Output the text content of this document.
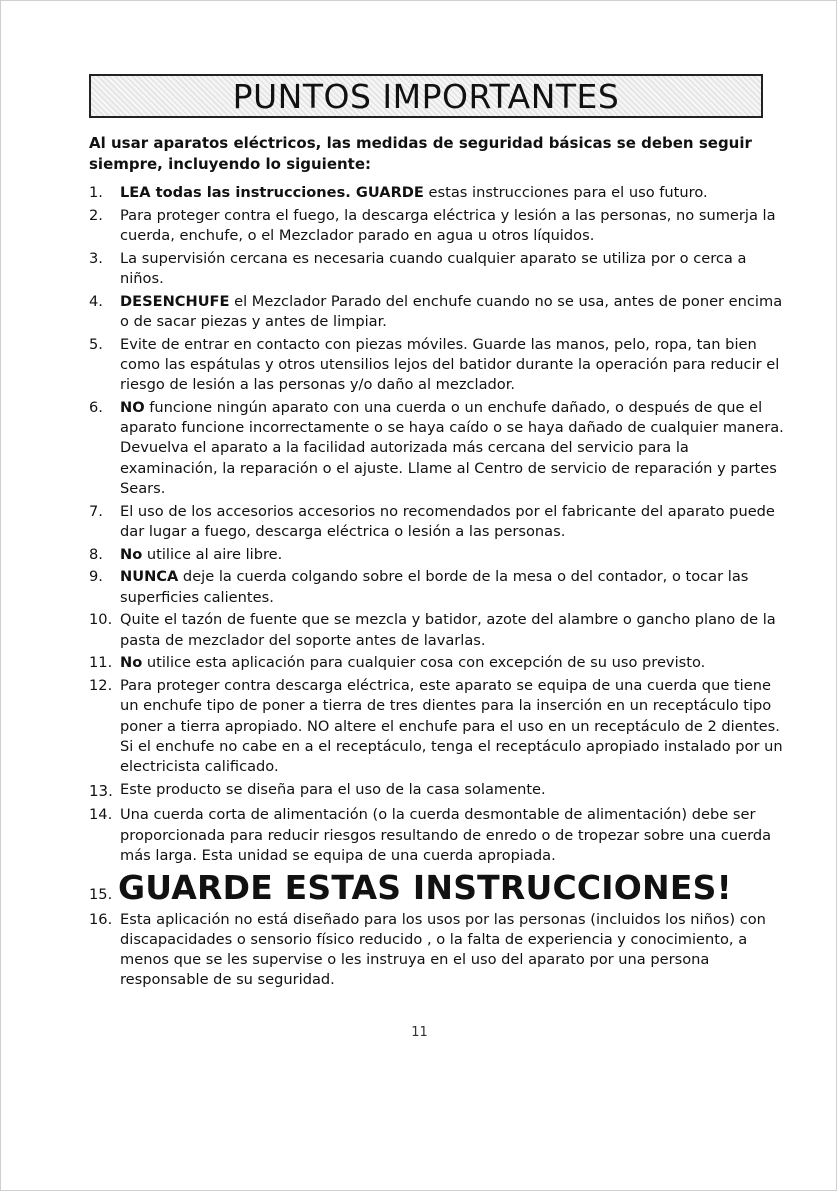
PUNTOS IMPORTANTES

Al usar aparatos eléctricos, las medidas de seguridad básicas se deben seguir siempre, incluyendo lo siguiente:

1.	LEA todas las instrucciones. GUARDE estas instrucciones para el uso futuro.
2.	Para proteger contra el fuego, la descarga eléctrica y lesión a las personas, no sumerja la cuerda, enchufe, o el Mezclador parado en agua u otros líquidos.
3.	La supervisión cercana es necesaria cuando cualquier aparato se utiliza por o cerca a niños.
4.	DESENCHUFE el Mezclador Parado del enchufe cuando no se usa, antes de poner encima o de sacar piezas y antes de limpiar.
5.	Evite de entrar en contacto con piezas móviles. Guarde las manos, pelo, ropa, tan bien como las espátulas y otros utensilios lejos del batidor durante la operación para reducir el riesgo de lesión a las personas y/o daño al mezclador.
6.	NO funcione ningún aparato con una cuerda o un enchufe dañado, o después de que el aparato funcione incorrectamente o se haya caído o se haya dañado de cualquier manera. Devuelva el aparato a la facilidad autorizada más cercana del servicio para la examinación, la reparación o el ajuste. Llame al Centro de servicio de reparación y partes Sears.
7.	El uso de los accesorios accesorios no recomendados por el fabricante del aparato puede dar lugar a fuego, descarga eléctrica o lesión a las personas.
8.	No utilice al aire libre.
9.	NUNCA deje la cuerda colgando sobre el borde de la mesa o del contador, o tocar las superficies calientes.
10. Quite el tazón de fuente que se mezcla y batidor, azote del alambre o gancho plano de la pasta de mezclador del soporte antes de lavarlas.
11. No utilice esta aplicación para cualquier cosa con excepción de su uso previsto.
12. Para proteger contra descarga eléctrica, este aparato se equipa de una cuerda que tiene un enchufe tipo de poner a tierra de tres dientes para la inserción en un receptáculo tipo poner a tierra apropiado. NO altere el enchufe para el uso en un receptáculo de 2 dientes. Si el enchufe no cabe en a el receptáculo, tenga el receptáculo apropiado instalado por un electricista calificado.
13. Este producto se diseña para el uso de la casa solamente.
14. Una cuerda corta de alimentación (o la cuerda desmontable de alimentación) debe ser proporcionada para reducir riesgos resultando de enredo o de tropezar sobre una cuerda más larga. Esta unidad se equipa de una cuerda apropiada.
15. GUARDE ESTAS INSTRUCCIONES!
16. Esta aplicación no está diseñado para los usos por las personas (incluidos los niños) con discapacidades o sensorio físico reducido , o la falta de experiencia y conocimiento, a menos que se les supervise o les instruya en el uso del aparato por una persona responsable de su seguridad.
11
